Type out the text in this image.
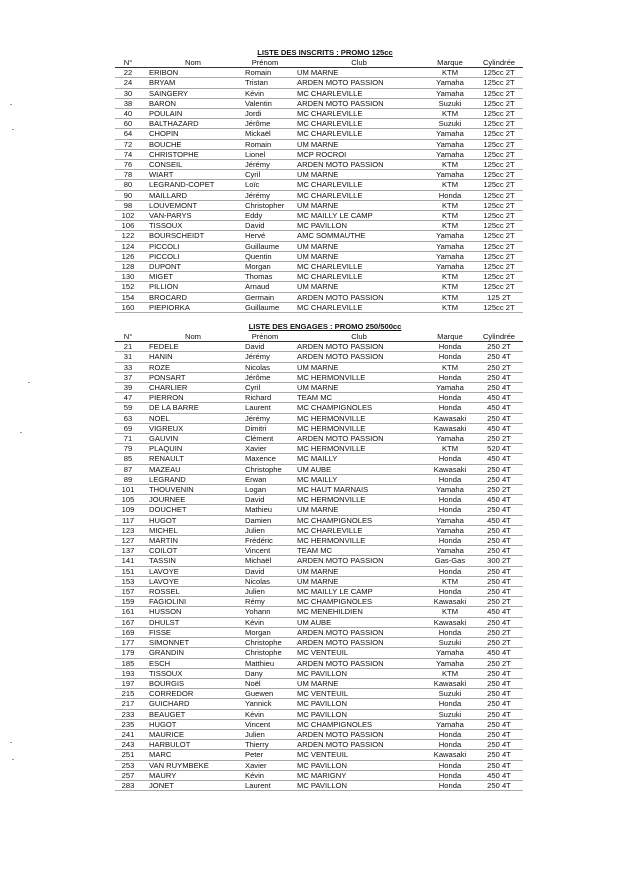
LISTE DES INSCRITS : PROMO 125cc
N°	Nom	Prénom	Club	Marque	Cylindrée
22	ERIBON	Romain	UM MARNE	KTM	125cc 2T
24	BRYAM	Tristan	ARDEN MOTO PASSION	Yamaha	125cc 2T
30	SAINGERY	Kévin	MC CHARLEVILLE	Yamaha	125cc 2T
38	BARON	Valentin	ARDEN MOTO PASSION	Suzuki	125cc 2T
40	POULAIN	Jordi	MC CHARLEVILLE	KTM	125cc 2T
60	BALTHAZARD	Jérôme	MC CHARLEVILLE	Suzuki	125cc 2T
64	CHOPIN	Mickaël	MC CHARLEVILLE	Yamaha	125cc 2T
72	BOUCHE	Romain	UM MARNE	Yamaha	125cc 2T
74	CHRISTOPHE	Lionel	MCP ROCROI	Yamaha	125cc 2T
76	CONSEIL	Jérémy	ARDEN MOTO PASSION	KTM	125cc 2T
78	WIART	Cyril	UM MARNE	Yamaha	125cc 2T
80	LEGRAND-COPET	Loïc	MC CHARLEVILLE	KTM	125cc 2T
90	MAILLARD	Jérémy	MC CHARLEVILLE	Honda	125cc 2T
98	LOUVEMONT	Christopher	UM MARNE	KTM	125cc 2T
102	VAN-PARYS	Eddy	MC MAILLY LE CAMP	KTM	125cc 2T
106	TISSOUX	David	MC PAVILLON	KTM	125cc 2T
122	BOURSCHEIDT	Hervé	AMC SOMMAUTHE	Yamaha	125cc 2T
124	PICCOLI	Guillaume	UM MARNE	Yamaha	125cc 2T
126	PICCOLI	Quentin	UM MARNE	Yamaha	125cc 2T
128	DUPONT	Morgan	MC CHARLEVILLE	Yamaha	125cc 2T
130	MIGET	Thomas	MC CHARLEVILLE	KTM	125cc 2T
152	PILLION	Arnaud	UM MARNE	KTM	125cc 2T
154	BROCARD	Germain	ARDEN MOTO PASSION	KTM	125 2T
160	PIEPIORKA	Guillaume	MC CHARLEVILLE	KTM	125cc 2T
LISTE DES ENGAGES : PROMO 250/500cc
N°	Nom	Prénom	Club	Marque	Cylindrée
21	FEDELE	David	ARDEN MOTO PASSION	Honda	250 2T
31	HANIN	Jérémy	ARDEN MOTO PASSION	Honda	250 4T
33	ROZE	Nicolas	UM MARNE	KTM	250 2T
37	PONSART	Jérôme	MC HERMONVILLE	Honda	250 4T
39	CHARLIER	Cyril	UM MARNE	Yamaha	250 4T
47	PIERRON	Richard	TEAM MC	Honda	450 4T
59	DE LA BARRE	Laurent	MC CHAMPIGNOLES	Honda	450 4T
63	NOEL	Jérémy	MC HERMONVILLE	Kawasaki	250 4T
69	VIGREUX	Dimitri	MC HERMONVILLE	Kawasaki	450 4T
71	GAUVIN	Clément	ARDEN MOTO PASSION	Yamaha	250 2T
79	PLAQUIN	Xavier	MC HERMONVILLE	KTM	520 4T
85	RENAULT	Maxence	MC MAILLY	Honda	450 4T
87	MAZEAU	Christophe	UM AUBE	Kawasaki	250 4T
89	LEGRAND	Erwan	MC MAILLY	Honda	250 4T
101	THOUVENIN	Logan	MC HAUT MARNAIS	Yamaha	250 2T
105	JOURNEE	David	MC HERMONVILLE	Honda	450 4T
109	DOUCHET	Mathieu	UM MARNE	Honda	250 4T
117	HUGOT	Damien	MC CHAMPIGNOLES	Yamaha	450 4T
123	MICHEL	Julien	MC CHARLEVILLE	Yamaha	250 4T
127	MARTIN	Frédéric	MC HERMONVILLE	Honda	250 4T
137	COILOT	Vincent	TEAM MC	Yamaha	250 4T
141	TASSIN	Michaël	ARDEN MOTO PASSION	Gas-Gas	300 2T
151	LAVOYE	David	UM MARNE	Honda	250 4T
153	LAVOYE	Nicolas	UM MARNE	KTM	250 4T
157	ROSSEL	Julien	MC MAILLY LE CAMP	Honda	250 4T
159	FAGIOLINI	Rémy	MC CHAMPIGNOLES	Kawasaki	250 2T
161	HUSSON	Yohann	MC MENEHILDIEN	KTM	450 4T
167	DHULST	Kévin	UM AUBE	Kawasaki	250 4T
169	FISSE	Morgan	ARDEN MOTO PASSION	Honda	250 2T
177	SIMONNET	Christophe	ARDEN MOTO PASSION	Suzuki	250 2T
179	GRANDIN	Christophe	MC VENTEUIL	Yamaha	450 4T
185	ESCH	Matthieu	ARDEN MOTO PASSION	Yamaha	250 2T
193	TISSOUX	Dany	MC PAVILLON	KTM	250 4T
197	BOURGIS	Noël	UM MARNE	Kawasaki	250 4T
215	CORREDOR	Guewen	MC VENTEUIL	Suzuki	250 4T
217	GUICHARD	Yannick	MC PAVILLON	Honda	250 4T
233	BEAUGET	Kévin	MC PAVILLON	Suzuki	250 4T
235	HUGOT	Vincent	MC CHAMPIGNOLES	Yamaha	250 4T
241	MAURICE	Julien	ARDEN MOTO PASSION	Honda	250 4T
243	HARBULOT	Thierry	ARDEN MOTO PASSION	Honda	250 4T
251	MARC	Peter	MC VENTEUIL	Kawasaki	250 4T
253	VAN RUYMBEKE	Xavier	MC PAVILLON	Honda	250 4T
257	MAURY	Kévin	MC MARIGNY	Honda	450 4T
283	JONET	Laurent	MC PAVILLON	Honda	250 4T
